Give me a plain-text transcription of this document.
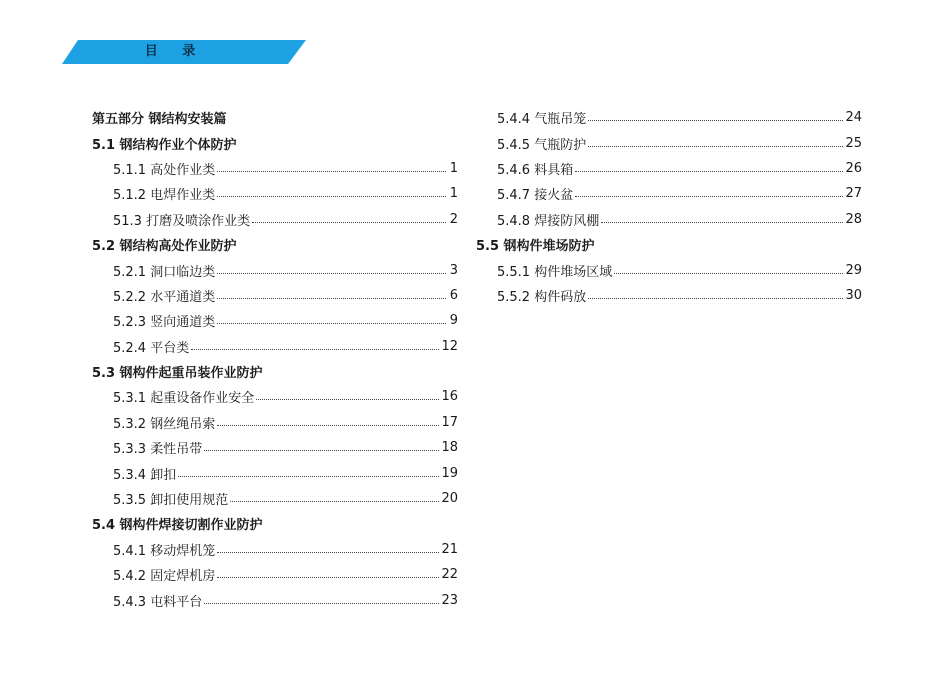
目 录
第五部分 钢结构安装篇
5.1 钢结构作业个体防护
5.1.1 高处作业类	1
5.1.2 电焊作业类	1
51.3 打磨及喷涂作业类	2
5.2 钢结构高处作业防护
5.2.1 洞口临边类	3
5.2.2 水平通道类	6
5.2.3 竖向通道类	9
5.2.4 平台类	12
5.3 钢构件起重吊装作业防护
5.3.1 起重设备作业安全	16
5.3.2 钢丝绳吊索	17
5.3.3 柔性吊带	18
5.3.4 卸扣	19
5.3.5 卸扣使用规范	20
5.4 钢构件焊接切割作业防护
5.4.1 移动焊机笼	21
5.4.2 固定焊机房	22
5.4.3 屯料平台	23
5.4.4 气瓶吊笼	24
5.4.5 气瓶防护	25
5.4.6 料具箱	26
5.4.7 接火盆	27
5.4.8 焊接防风棚	28
5.5 钢构件堆场防护
5.5.1 构件堆场区域	29
5.5.2 构件码放	30
